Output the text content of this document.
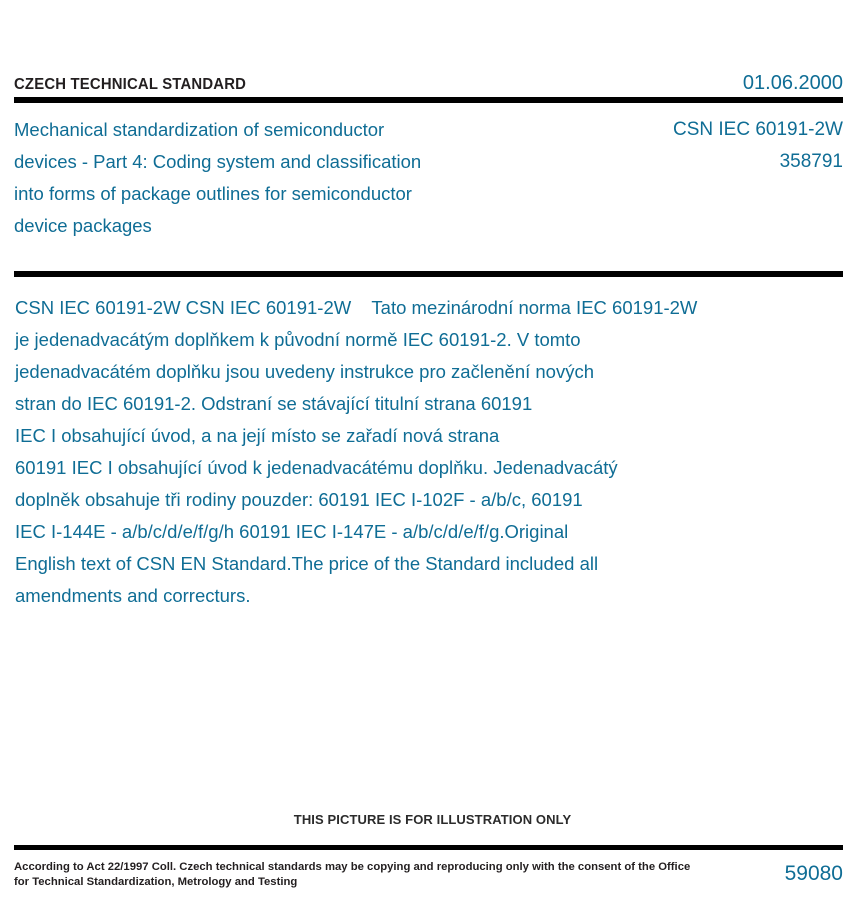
CZECH TECHNICAL STANDARD	01.06.2000
Mechanical standardization of semiconductor
devices - Part 4: Coding system and classification
into forms of package outlines for semiconductor
device packages
CSN IEC 60191-2W
358791
CSN IEC 60191-2W CSN IEC 60191-2W    Tato mezinárodní norma IEC 60191-2W
je jedenadvacátým doplňkem k původní normě IEC 60191-2. V tomto
jedenadvacátém doplňku jsou uvedeny instrukce pro začlenění nových
stran do IEC 60191-2. Odstraní se stávající titulní strana 60191
IEC I obsahující úvod, a na její místo se zařadí nová strana
60191 IEC I obsahující úvod k jedenadvacátému doplňku. Jedenadvacátý
doplněk obsahuje tři rodiny pouzder: 60191 IEC I-102F - a/b/c, 60191
IEC I-144E - a/b/c/d/e/f/g/h 60191 IEC I-147E - a/b/c/d/e/f/g.Original
English text of CSN EN Standard.The price of the Standard included all
amendments and correcturs.
THIS PICTURE IS FOR ILLUSTRATION ONLY
According to Act 22/1997 Coll. Czech technical standards may be copying and reproducing only with the consent of the Office
for Technical Standardization, Metrology and Testing	59080
